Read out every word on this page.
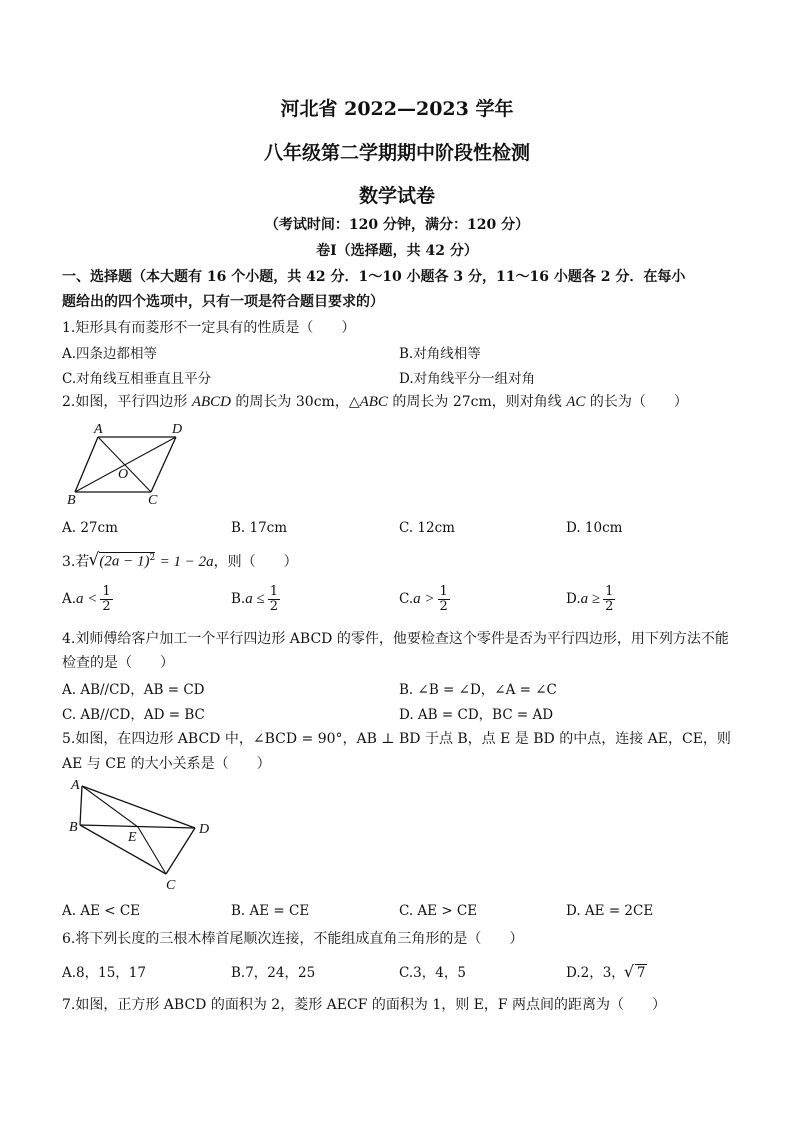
河北省 2022—2023 学年
八年级第二学期期中阶段性检测
数学试卷
（考试时间：120 分钟，满分：120 分）
卷Ⅰ（选择题，共 42 分）
一、选择题（本大题有 16 个小题，共 42 分．1～10 小题各 3 分，11～16 小题各 2 分．在每小
题给出的四个选项中，只有一项是符合题目要求的）
1.矩形具有而菱形不一定具有的性质是（　　）
A.四条边都相等	B.对角线相等
C.对角线互相垂直且平分	D.对角线平分一组对角
2.如图，平行四边形 ABCD 的周长为 30cm，△ABC 的周长为 27cm，则对角线 AC 的长为（　　）
A	D
O
B	C
A. 27cm	B. 17cm	C. 12cm	D. 10cm
3.若 √ $(2a - 1)^2 = 1 - 2a$，则（　　）
$A.a < \frac{1}{2}$	$B.a \le \frac{1}{2}$	$C.a > \frac{1}{2}$	$D.a \ge \frac{1}{2}$
4.刘师傅给客户加工一个平行四边形 ABCD 的零件，他要检查这个零件是否为平行四边形，用下列方法不能
检查的是（　　）
A. AB//CD，AB = CD	B. ∠B = ∠D，∠A = ∠C
C. AB//CD，AD = BC	D. AB = CD，BC = AD
5.如图，在四边形 ABCD 中，∠BCD = 90°，AB ⊥ BD 于点 B，点 E 是 BD 的中点，连接 AE，CE，则
AE 与 CE 的大小关系是（　　）
A
B
E
D
C
A. AE < CE	B. AE = CE	C. AE > CE	D. AE = 2CE
6.将下列长度的三根木棒首尾顺次连接，不能组成直角三角形的是（　　）
A.8，15，17	B.7，24，25	C.3，4，5	D.2，3， √ 7
7.如图，正方形 ABCD 的面积为 2，菱形 AECF 的面积为 1，则 E，F 两点间的距离为（　　）
